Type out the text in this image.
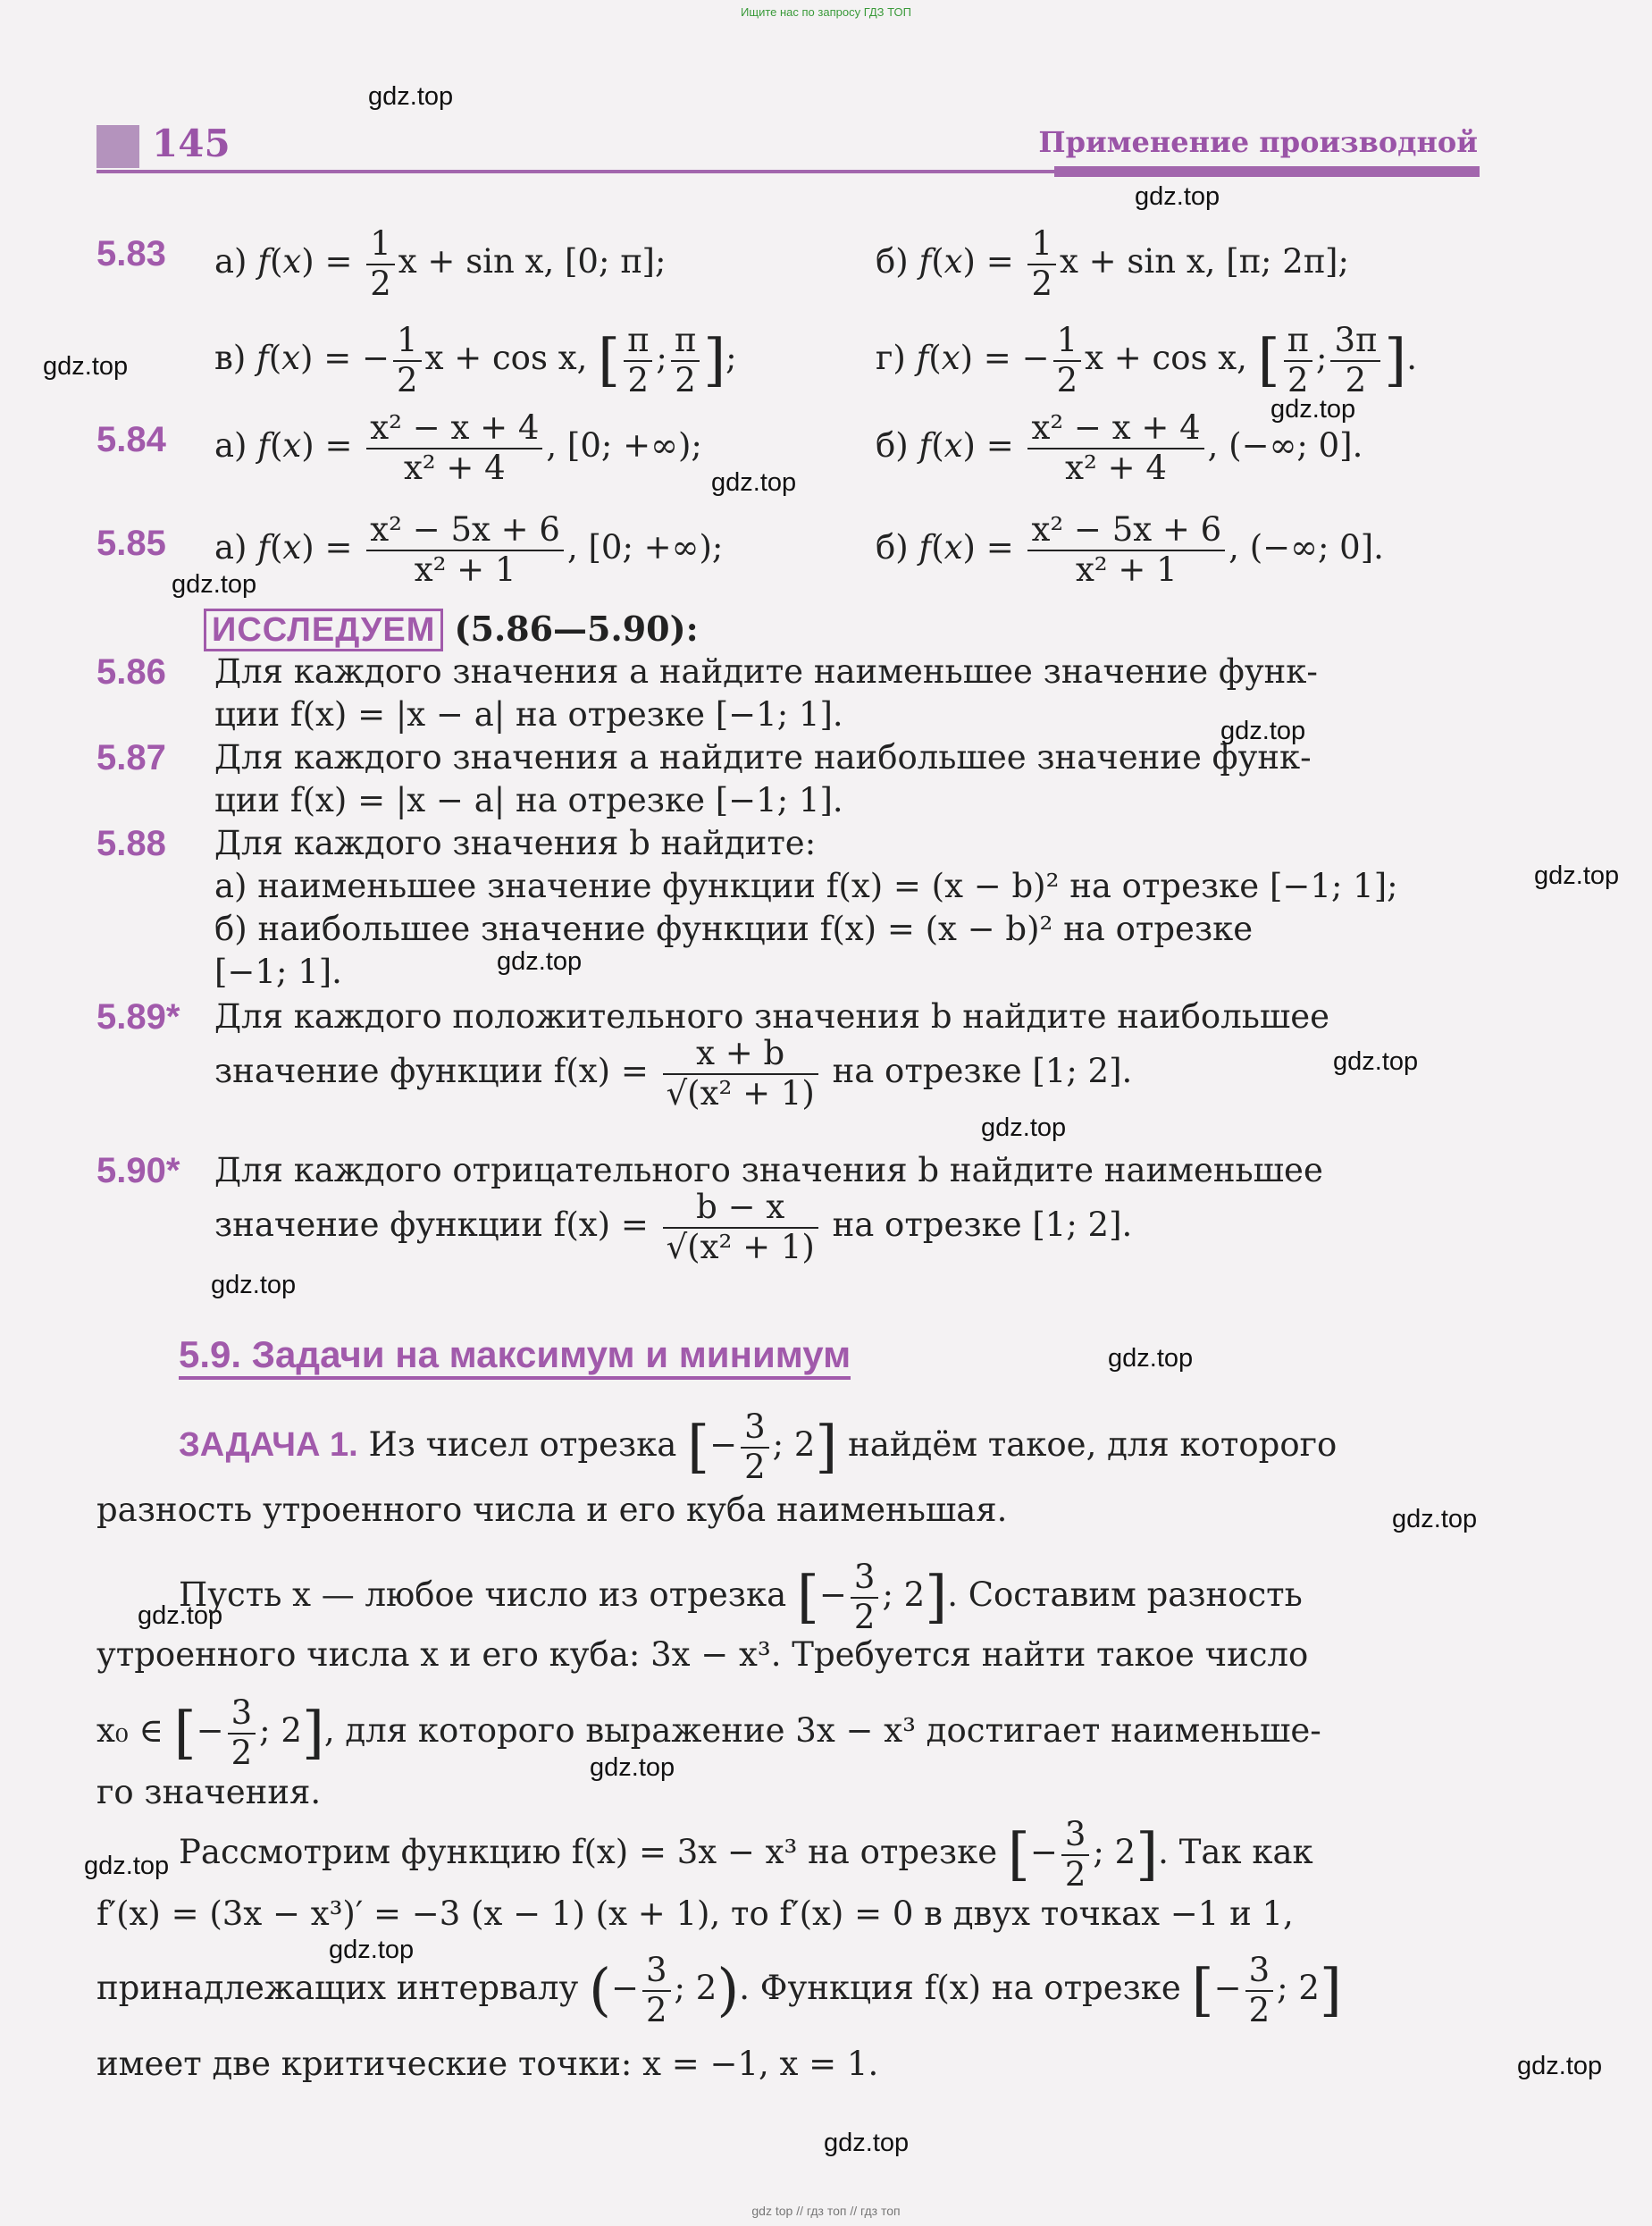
Ищите нас по запросу ГДЗ ТОП
gdz top // гдз топ // гдз топ
145	Применение производной
gdz.top
gdz.top
gdz.top
gdz.top
gdz.top
gdz.top
gdz.top
gdz.top
gdz.top
gdz.top
gdz.top
gdz.top
gdz.top
gdz.top
gdz.top
gdz.top
gdz.top
gdz.top
gdz.top
gdz.top
5.83 а) $f(x) = \frac{1}{2}$ x + sin x, [0; π];	б) $f(x) = \frac{1}{2}$ x + sin x, [π; 2π];
в) f(x) = − $\frac{1}{2}$ x + cos x, [ $\frac{\pi}{2}$ ; $\frac{\pi}{2}$ ];	г) f(x) = − $\frac{1}{2}$ x + cos x, [ $\frac{\pi}{2}$ ; $\frac{3\pi}{2}$ ].
5.84 а) $f(x) = \frac{\text{x² − x + 4}}{\text{x² + 4}}$ , [0; +∞);	б) $f(x) = \frac{\text{x² − x + 4}}{\text{x² + 4}}$ , (−∞; 0].
5.85 а) $f(x) = \frac{\text{x² − 5x + 6}}{\text{x² + 1}}$ , [0; +∞);	б) $f(x) = \frac{\text{x² − 5x + 6}}{\text{x² + 1}}$ , (−∞; 0].
ИССЛЕДУЕМ (5.86—5.90):
5.86 Для каждого значения a найдите наименьшее значение функ-
ции f(x) = |x − a| на отрезке [−1; 1].
5.87 Для каждого значения a найдите наибольшее значение функ-
ции f(x) = |x − a| на отрезке [−1; 1].
5.88 Для каждого значения b найдите:
а) наименьшее значение функции f(x) = (x − b)² на отрезке [−1; 1];
б) наибольшее значение функции f(x) = (x − b)² на отрезке
[−1; 1].
5.89* Для каждого положительного значения b найдите наибольшее
значение функции $f(x) = \frac{x + b}{\text{√(x² + 1)}}$ на отрезке [1; 2].
5.90* Для каждого отрицательного значения b найдите наименьшее
значение функции $f(x) = \frac{b - x}{\text{√(x² + 1)}}$ на отрезке [1; 2].
5.9. Задачи на максимум и минимум
ЗАДАЧА 1. Из чисел отрезка [− $\frac{3}{2}$ ; 2] найдём такое, для которого
разность утроенного числа и его куба наименьшая.
Пусть x — любое число из отрезка [− $\frac{3}{2}$ ; 2]. Составим разность
утроенного числа x и его куба: 3x − x³. Требуется найти такое число
x₀ ∈ [− $\frac{3}{2}$ ; 2], для которого выражение 3x − x³ достигает наименьше-
го значения.
Рассмотрим функцию f(x) = 3x − x³ на отрезке [− $\frac{3}{2}$ ; 2]. Так как
f′(x) = (3x − x³)′ = −3 (x − 1) (x + 1), то f′(x) = 0 в двух точках −1 и 1,
принадлежащих интервалу (− $\frac{3}{2}$ ; 2). Функция f(x) на отрезке [− $\frac{3}{2}$ ; 2]
имеет две критические точки: x = −1, x = 1.
